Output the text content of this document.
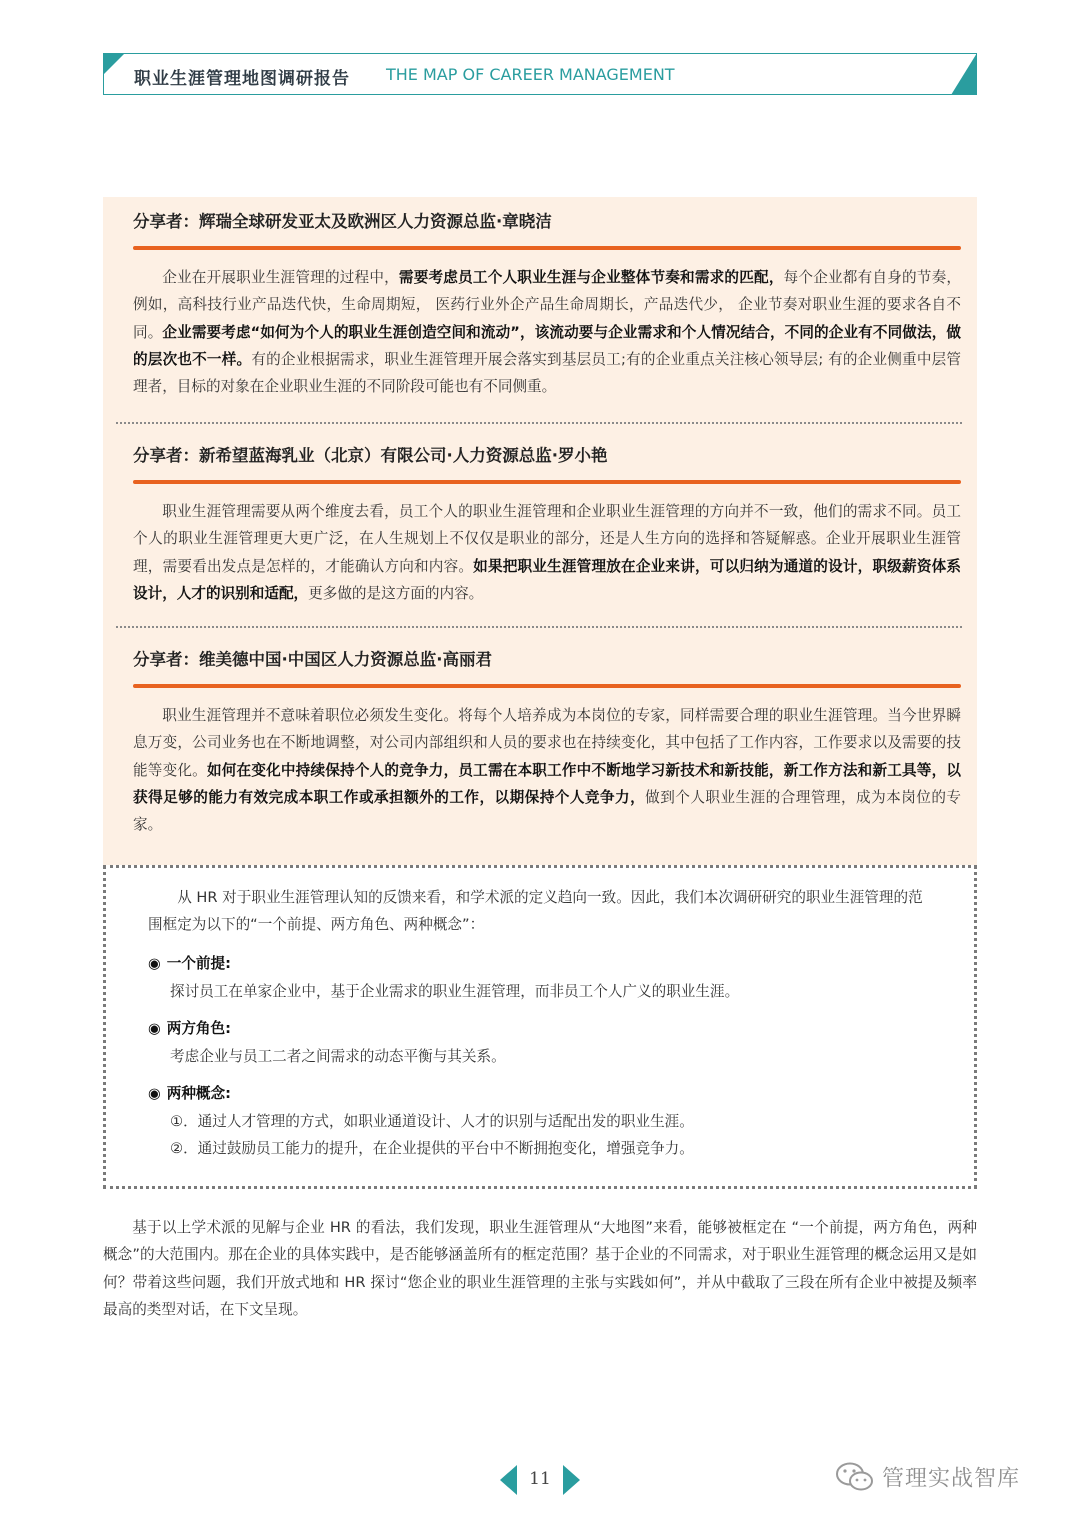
职业生涯管理地图调研报告 THE MAP OF CAREER MANAGEMENT
分享者：辉瑞全球研发亚太及欧洲区人力资源总监·章晓洁
企业在开展职业生涯管理的过程中，需要考虑员工个人职业生涯与企业整体节奏和需求的匹配，每个企业都有自身的节奏，例如，高科技行业产品迭代快，生命周期短， 医药行业外企产品生命周期长，产品迭代少， 企业节奏对职业生涯的要求各自不同。企业需要考虑“如何为个人的职业生涯创造空间和流动”，该流动要与企业需求和个人情况结合，不同的企业有不同做法，做的层次也不一样。有的企业根据需求，职业生涯管理开展会落实到基层员工;有的企业重点关注核心领导层; 有的企业侧重中层管理者，目标的对象在企业职业生涯的不同阶段可能也有不同侧重。
分享者：新希望蓝海乳业（北京）有限公司·人力资源总监·罗小艳
职业生涯管理需要从两个维度去看，员工个人的职业生涯管理和企业职业生涯管理的方向并不一致，他们的需求不同。员工个人的职业生涯管理更大更广泛，在人生规划上不仅仅是职业的部分，还是人生方向的选择和答疑解惑。企业开展职业生涯管理，需要看出发点是怎样的，才能确认方向和内容。如果把职业生涯管理放在企业来讲，可以归纳为通道的设计，职级薪资体系设计，人才的识别和适配，更多做的是这方面的内容。
分享者：维美德中国·中国区人力资源总监·高丽君
职业生涯管理并不意味着职位必须发生变化。将每个人培养成为本岗位的专家，同样需要合理的职业生涯管理。当今世界瞬息万变，公司业务也在不断地调整，对公司内部组织和人员的要求也在持续变化，其中包括了工作内容，工作要求以及需要的技能等变化。如何在变化中持续保持个人的竞争力，员工需在本职工作中不断地学习新技术和新技能，新工作方法和新工具等，以获得足够的能力有效完成本职工作或承担额外的工作，以期保持个人竞争力，做到个人职业生涯的合理管理，成为本岗位的专家。
从 HR 对于职业生涯管理认知的反馈来看，和学术派的定义趋向一致。因此，我们本次调研研究的职业生涯管理的范围框定为以下的“一个前提、两方角色、两种概念”：
◉ 一个前提:
探讨员工在单家企业中，基于企业需求的职业生涯管理，而非员工个人广义的职业生涯。
◉ 两方角色:
考虑企业与员工二者之间需求的动态平衡与其关系。
◉ 两种概念:
①．通过人才管理的方式，如职业通道设计、人才的识别与适配出发的职业生涯。
②．通过鼓励员工能力的提升，在企业提供的平台中不断拥抱变化，增强竞争力。
基于以上学术派的见解与企业 HR 的看法，我们发现，职业生涯管理从“大地图”来看，能够被框定在 “一个前提，两方角色，两种概念”的大范围内。那在企业的具体实践中，是否能够涵盖所有的框定范围？基于企业的不同需求，对于职业生涯管理的概念运用又是如何？带着这些问题，我们开放式地和 HR 探讨“您企业的职业生涯管理的主张与实践如何”，并从中截取了三段在所有企业中被提及频率最高的类型对话，在下文呈现。
11	管理实战智库
